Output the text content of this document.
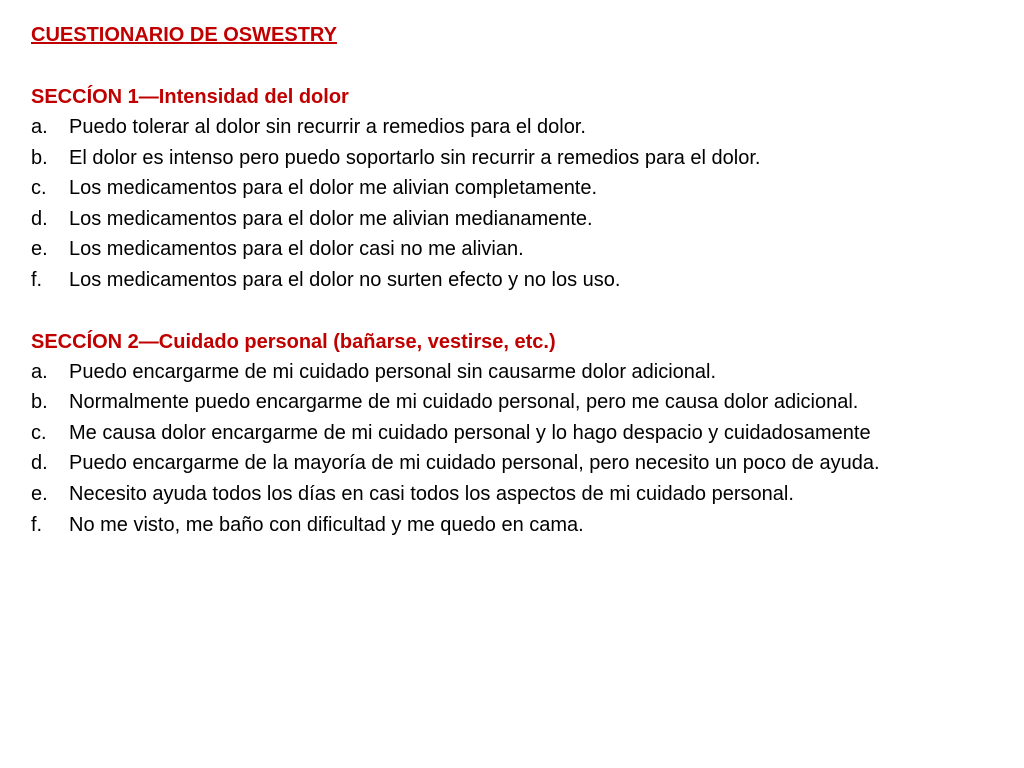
CUESTIONARIO DE OSWESTRY
SECCÍON 1—Intensidad del dolor
a.	Puedo tolerar al dolor sin recurrir a remedios para el dolor.
b.	El dolor es intenso pero puedo soportarlo sin recurrir a remedios para el dolor.
c.	Los medicamentos para el dolor me alivian completamente.
d.	Los medicamentos para el dolor me alivian medianamente.
e.	Los medicamentos para el dolor casi no me alivian.
f.	Los medicamentos para el dolor no surten efecto y no los uso.
SECCÍON 2—Cuidado personal (bañarse, vestirse, etc.)
a.	Puedo encargarme de mi cuidado personal sin causarme dolor adicional.
b.	Normalmente puedo encargarme de mi cuidado personal, pero me causa dolor adicional.
c.	Me causa dolor encargarme de mi cuidado personal y lo hago despacio y cuidadosamente
d.	Puedo encargarme de la mayoría de mi cuidado personal, pero necesito un poco de ayuda.
e.	Necesito ayuda todos los días en casi todos los aspectos de mi cuidado personal.
f.	No me visto, me baño con dificultad y me quedo en cama.
